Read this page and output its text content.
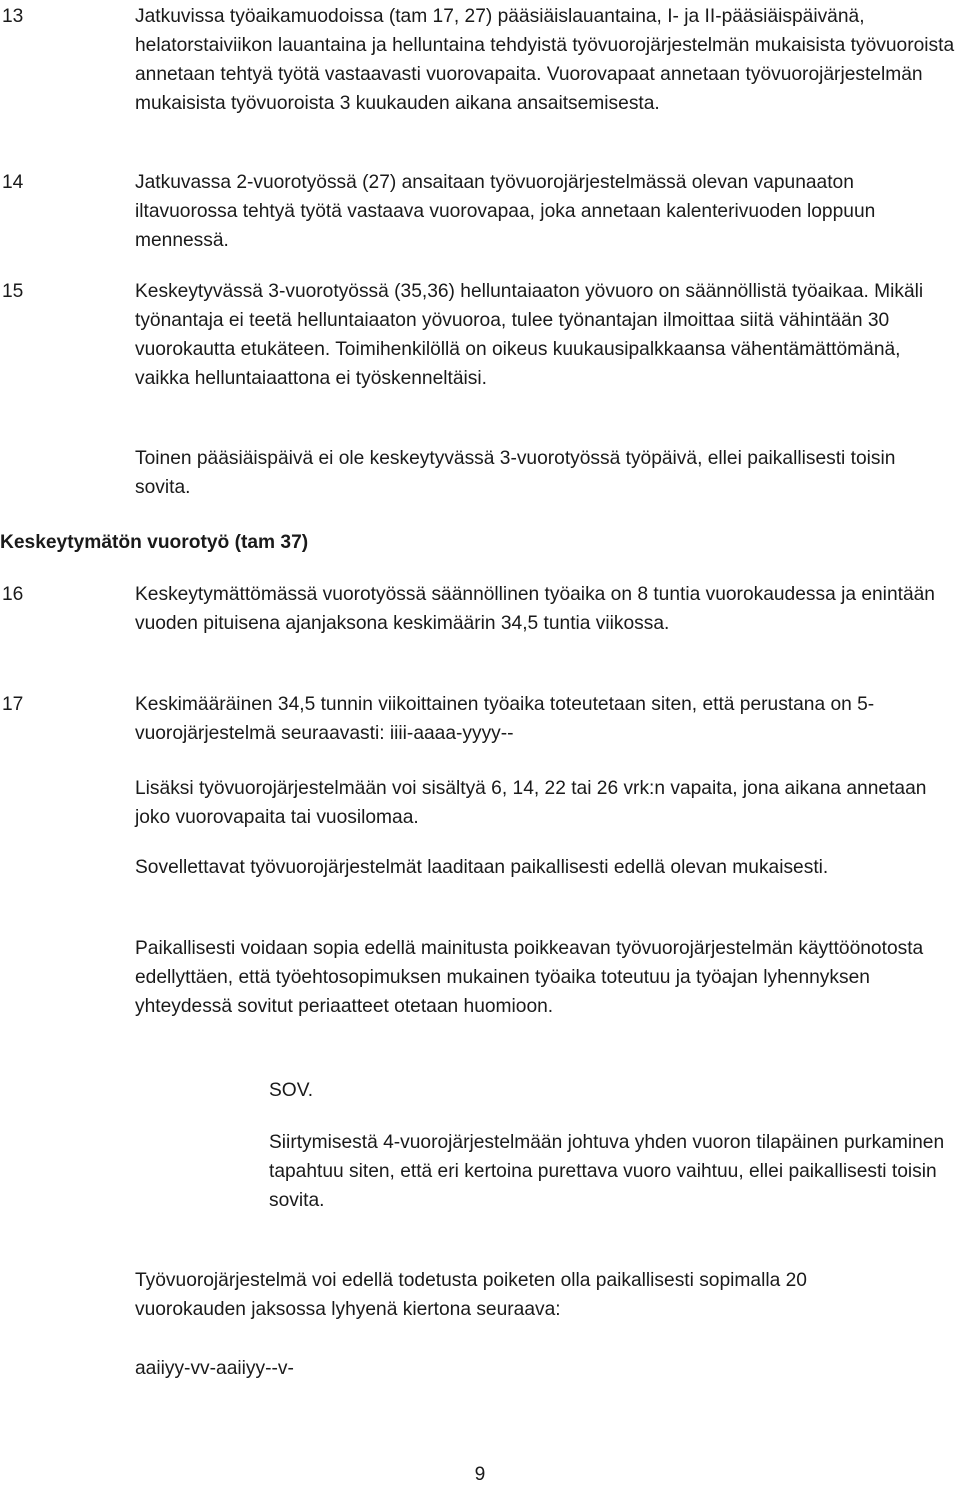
13	Jatkuvissa työaikamuodoissa (tam 17, 27) pääsiäislauantaina, I- ja II-pääsiäispäivänä, helatorstaiviikon lauantaina ja helluntaina tehdyistä työvuorojärjestelmän mukaisista työvuoroista annetaan tehtyä työtä vastaavasti vuorovapaita. Vuorovapaat annetaan työvuorojärjestelmän mukaisista työvuoroista 3 kuukauden aikana ansaitsemisesta.

14	Jatkuvassa 2-vuorotyössä (27) ansaitaan työvuorojärjestelmässä olevan vapunaaton iltavuorossa tehtyä työtä vastaava vuorovapaa, joka annetaan kalenterivuoden loppuun mennessä.

15	Keskeytyvässä 3-vuorotyössä (35,36) helluntaiaaton yövuoro on säännöllistä työaikaa. Mikäli työnantaja ei teetä helluntaiaaton yövuoroa, tulee työnantajan ilmoittaa siitä vähintään 30 vuorokautta etukäteen. Toimihenkilöllä on oikeus kuukausipalkkaansa vähentämättömänä, vaikka helluntaiaattona ei työskenneltäisi.

Toinen pääsiäispäivä ei ole keskeytyvässä 3-vuorotyössä työpäivä, ellei paikallisesti toisin sovita.

Keskeytymätön vuorotyö (tam 37)
16	Keskeytymättömässä vuorotyössä säännöllinen työaika on 8 tuntia vuorokaudessa ja enintään vuoden pituisena ajanjaksona keskimäärin 34,5 tuntia viikossa.

17	Keskimääräinen 34,5 tunnin viikoittainen työaika toteutetaan siten, että perustana on 5-vuorojärjestelmä seuraavasti: iiii-aaaa-yyyy--

Lisäksi työvuorojärjestelmään voi sisältyä 6, 14, 22 tai 26 vrk:n vapaita, jona aikana annetaan joko vuorovapaita tai vuosilomaa.

Sovellettavat työvuorojärjestelmät laaditaan paikallisesti edellä olevan mukaisesti.

Paikallisesti voidaan sopia edellä mainitusta poikkeavan työvuorojärjestelmän käyttöönotosta edellyttäen, että työehtosopimuksen mukainen työaika toteutuu ja työajan lyhennyksen yhteydessä sovitut periaatteet otetaan huomioon.

SOV.

Siirtymisestä 4-vuorojärjestelmään johtuva yhden vuoron tilapäinen purkaminen tapahtuu siten, että eri kertoina purettava vuoro vaihtuu, ellei paikallisesti toisin sovita.

Työvuorojärjestelmä voi edellä todetusta poiketen olla paikallisesti sopimalla 20 vuorokauden jaksossa lyhyenä kiertona seuraava:

aaiiyy-vv-aaiiyy--v-

9
